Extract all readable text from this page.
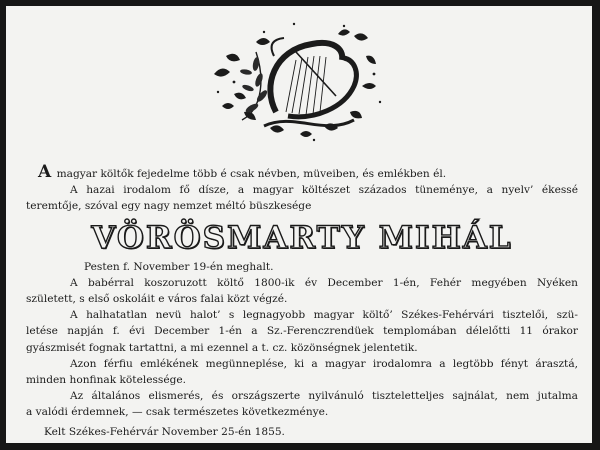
A magyar költők fejedelme több é csak névben, müveiben, és emlékben él.
A hazai irodalom fő dísze, a magyar költészet százados tüneménye, a nyelv’ ékessé
teremtője, szóval egy nagy nemzet méltó büszkesége
VÖRÖSMARTY MIHÁL
Pesten f. November 19-én meghalt.
A babérral koszoruzott költő 1800-ik év December 1-én, Fehér megyében Nyéken
született, s első oskoláit e város falai közt végzé.
A halhatatlan nevü halot’ s legnagyobb magyar költő’ Székes-Fehérvári tisztelői, szü-
letése napján f. évi December 1-én a Sz.-Ferenczrendüek templomában délelőtti 11 órakor
gyászmisét fognak tartattni, a mi ezennel a t. cz. közönségnek jelentetik.
Azon férfiu emlékének megünneplése, ki a magyar irodalomra a legtöbb fényt árasztá,
minden honfinak kötelessége.
Az általános elismerés, és országszerte nyilvánuló tiszteletteljes sajnálat, nem jutalma
a valódi érdemnek, — csak természetes következménye.
Kelt Székes-Fehérvár November 25-én 1855.
